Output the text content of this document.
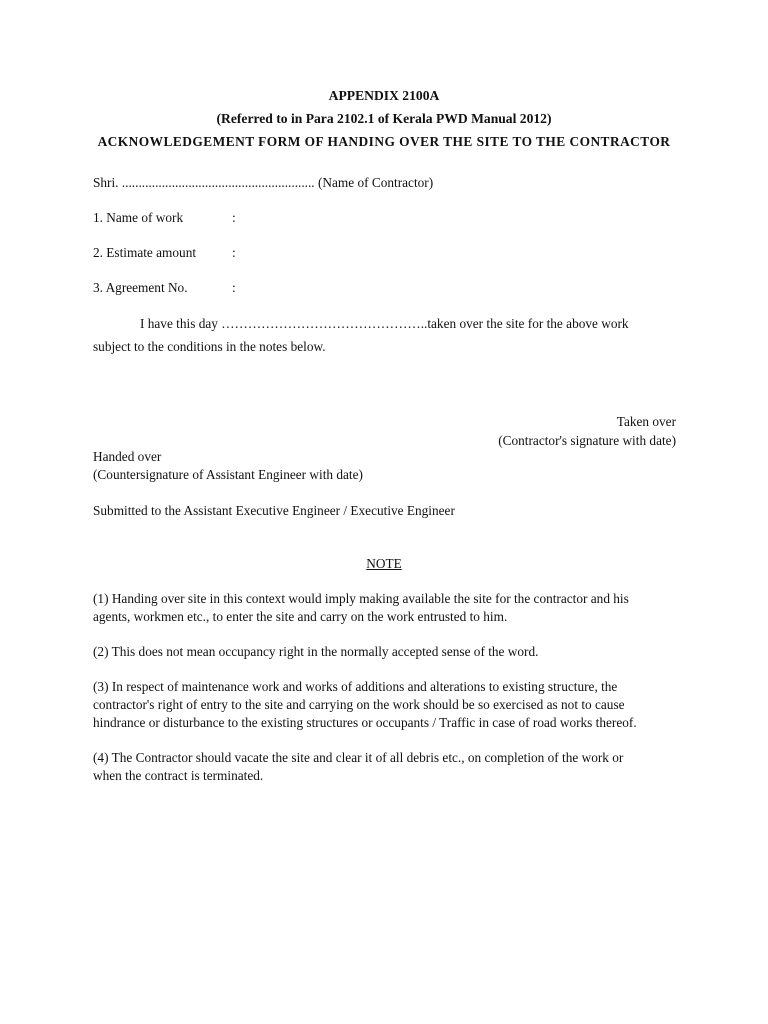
APPENDIX 2100A
(Referred to in Para 2102.1 of Kerala PWD Manual 2012)
ACKNOWLEDGEMENT FORM OF HANDING OVER THE SITE TO THE CONTRACTOR
Shri. .......................................................... (Name of Contractor)
1. Name of work	:
2. Estimate amount	:
3. Agreement No.	:
I have this day ………………………………………..taken over the site for the above work
subject to the conditions in the notes below.
Taken over
(Contractor's signature with date)
Handed over
(Countersignature of Assistant Engineer with date)
Submitted to the Assistant Executive Engineer / Executive Engineer
NOTE
(1) Handing over site in this context would imply making available the site for the contractor and his
agents, workmen etc., to enter the site and carry on the work entrusted to him.
(2) This does not mean occupancy right in the normally accepted sense of the word.
(3) In respect of maintenance work and works of additions and alterations to existing structure, the
contractor's right of entry to the site and carrying on the work should be so exercised as not to cause
hindrance or disturbance to the existing structures or occupants / Traffic in case of road works thereof.
(4) The Contractor should vacate the site and clear it of all debris etc., on completion of the work or
when the contract is terminated.
